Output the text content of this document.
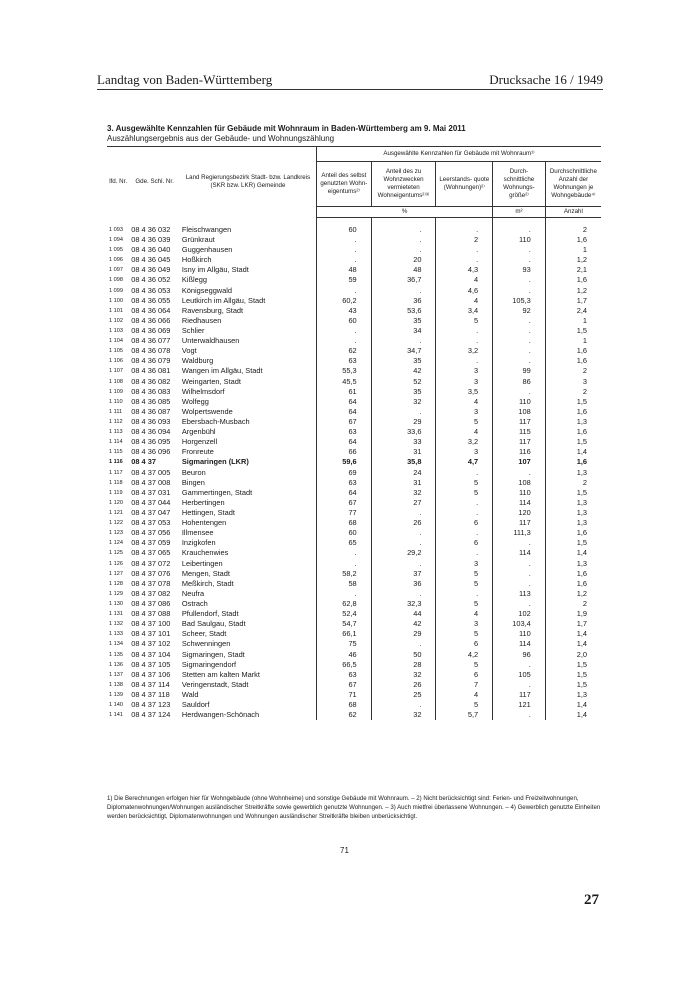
Landtag von Baden-Württemberg	Drucksache 16 / 1949
3. Ausgewählte Kennzahlen für Gebäude mit Wohnraum in Baden-Württemberg am 9. Mai 2011
Auszählungsergebnis aus der Gebäude- und Wohnungszählung
lfd. Nr.	Gde. Schl. Nr.	Land Regierungsbezirk Stadt- bzw. Landkreis (SKR bzw. LKR) Gemeinde	Ausgewählte Kennzahlen für Gebäude mit Wohnraum¹⁾				
			Anteil des selbst genutzten Wohn- eigentums²⁾	Anteil des zu Wohnzwecken vermieteten Wohneigentums²⁾³⁾	Leerstands- quote (Wohnungen)²⁾	Durch- schnittliche Wohnungs- größe²⁾	Durchschnittliche Anzahl der Wohnungen je Wohngebäude⁴⁾
			%			m²	Anzahl
1 093	08 4 36 032	Fleischwangen	60	.	.	.	2
1 094	08 4 36 039	Grünkraut	.	.	2	110	1,6
1 095	08 4 36 040	Guggenhausen	.	.	.	.	1
1 096	08 4 36 045	Hoßkirch	.	20	.	.	1,2
1 097	08 4 36 049	Isny im Allgäu, Stadt	48	48	4,3	93	2,1
1 098	08 4 36 052	Kißlegg	59	36,7	4	.	1,6
1 099	08 4 36 053	Königseggwald	.	.	4,6	.	1,2
1 100	08 4 36 055	Leutkirch im Allgäu, Stadt	60,2	36	4	105,3	1,7
1 101	08 4 36 064	Ravensburg, Stadt	43	53,6	3,4	92	2,4
1 102	08 4 36 066	Riedhausen	60	35	5	.	1
1 103	08 4 36 069	Schlier	.	34	.	.	1,5
1 104	08 4 36 077	Unterwaldhausen	.	.	.	.	1
1 105	08 4 36 078	Vogt	62	34,7	3,2	.	1,6
1 106	08 4 36 079	Waldburg	63	35	.	.	1,6
1 107	08 4 36 081	Wangen im Allgäu, Stadt	55,3	42	3	99	2
1 108	08 4 36 082	Weingarten, Stadt	45,5	52	3	86	3
1 109	08 4 36 083	Wilhelmsdorf	61	35	3,5	.	2
1 110	08 4 36 085	Wolfegg	64	32	4	110	1,5
1 111	08 4 36 087	Wolpertswende	64	.	3	108	1,6
1 112	08 4 36 093	Ebersbach-Musbach	67	29	5	117	1,3
1 113	08 4 36 094	Argenbühl	63	33,6	4	115	1,6
1 114	08 4 36 095	Horgenzell	64	33	3,2	117	1,5
1 115	08 4 36 096	Fronreute	66	31	3	116	1,4
1 116	08 4 37	Sigmaringen (LKR)	59,6	35,8	4,7	107	1,6
1 117	08 4 37 005	Beuron	69	24	.	.	1,3
1 118	08 4 37 008	Bingen	63	31	5	108	2
1 119	08 4 37 031	Gammertingen, Stadt	64	32	5	110	1,5
1 120	08 4 37 044	Herbertingen	67	27	.	114	1,3
1 121	08 4 37 047	Hettingen, Stadt	77	.	.	120	1,3
1 122	08 4 37 053	Hohentengen	68	26	6	117	1,3
1 123	08 4 37 056	Illmensee	60	.	.	111,3	1,6
1 124	08 4 37 059	Inzigkofen	65	.	6	.	1,5
1 125	08 4 37 065	Krauchenwies	.	29,2	.	114	1,4
1 126	08 4 37 072	Leibertingen	.	.	3	.	1,3
1 127	08 4 37 076	Mengen, Stadt	58,2	37	5	.	1,6
1 128	08 4 37 078	Meßkirch, Stadt	58	36	5	.	1,6
1 129	08 4 37 082	Neufra	.	.	.	113	1,2
1 130	08 4 37 086	Ostrach	62,8	32,3	5	.	2
1 131	08 4 37 088	Pfullendorf, Stadt	52,4	44	4	102	1,9
1 132	08 4 37 100	Bad Saulgau, Stadt	54,7	42	3	103,4	1,7
1 133	08 4 37 101	Scheer, Stadt	66,1	29	5	110	1,4
1 134	08 4 37 102	Schwenningen	75	.	6	114	1,4
1 135	08 4 37 104	Sigmaringen, Stadt	46	50	4,2	96	2,0
1 136	08 4 37 105	Sigmaringendorf	66,5	28	5	.	1,5
1 137	08 4 37 106	Stetten am kalten Markt	63	32	6	105	1,5
1 138	08 4 37 114	Veringenstadt, Stadt	67	26	7	.	1,5
1 139	08 4 37 118	Wald	71	25	4	117	1,3
1 140	08 4 37 123	Sauldorf	68	.	5	121	1,4
1 141	08 4 37 124	Herdwangen-Schönach	62	32	5,7	.	1,4
1) Die Berechnungen erfolgen hier für Wohngebäude (ohne Wohnheime) und sonstige Gebäude mit Wohnraum. – 2) Nicht berücksichtigt sind: Ferien- und Freizeitwohnungen, Diplomatenwohnungen/Wohnungen ausländischer Streitkräfte sowie gewerblich genutzte Wohnungen. – 3) Auch mietfrei überlassene Wohnungen. – 4) Gewerblich genutzte Einheiten werden berücksichtigt, Diplomatenwohnungen und Wohnungen ausländischer Streitkräfte bleiben unberücksichtigt.
71
27
